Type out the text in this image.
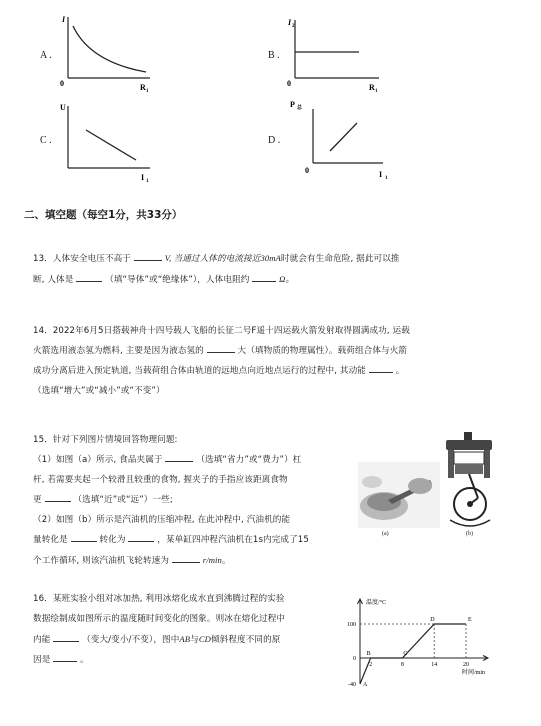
A .
I
0	R 1
B .
I 2
0	R 1
C .
U
I 1
D .
P 总
0	I 1
二、填空题（每空1分，共33分）
13．人体安全电压不高于	V, 当通过人体的电流接近30mA时就会有生命危险, 据此可以推
断, 人体是	（填“导体”或“绝缘体”），人体电阻约	Ω。
14．2022年6月5日搭载神舟十四号载人飞船的长征二号F遥十四运载火箭发射取得圆满成功, 运载
火箭选用液态氢为燃料, 主要是因为液态氢的	大（填物质的物理属性）。载荷组合体与火箭
成功分离后进入预定轨道, 当载荷组合体由轨道的远地点向近地点运行的过程中, 其动能	。
（选填“增大”或“减小”或“不变”）
15．针对下列图片情境回答物理问题:
（1）如图（a）所示, 食品夹属于	（选填“省力”或“费力”）杠
杆, 若需要夹起一个较滑且较重的食物, 握夹子的手指应该距离食物
更	（选填“近”或“远”）一些;
（2）如图（b）所示是汽油机的压缩冲程, 在此冲程中, 汽油机的能
量转化是	转化为	，某单缸四冲程汽油机在1s内完成了15
个工作循环, 则该汽油机飞轮转速为	r/min。
(a)	(b)
16．某班实验小组对冰加热, 利用冰熔化成水直到沸腾过程的实验
数据绘制成如图所示的温度随时间变化的图象。则冰在熔化过程中
内能	（变大/变小/不变），图中AB与CD倾斜程度不同的原
因是	。
温度/°C
时间/min
100
0
-40
2	8	14	20
A
B	C
D	E
